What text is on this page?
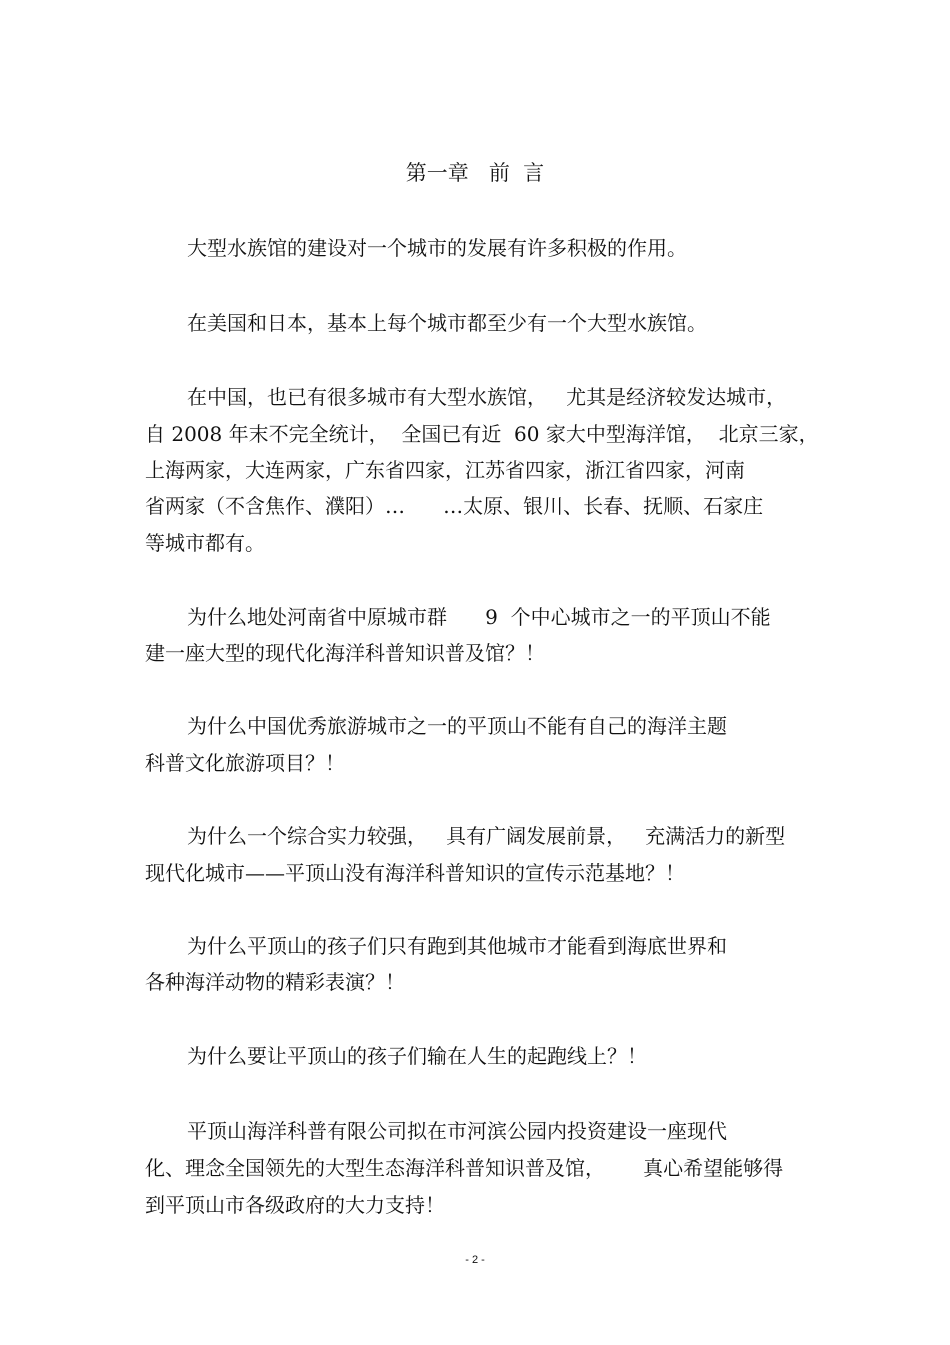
第一章   前  言
大型水族馆的建设对一个城市的发展有许多积极的作用。
在美国和日本，基本上每个城市都至少有一个大型水族馆。
在中国，也已有很多城市有大型水族馆，   尤其是经济较发达城市，
自 2008 年末不完全统计，  全国已有近  60 家大中型海洋馆，  北京三家，
上海两家，大连两家，广东省四家，江苏省四家，浙江省四家，河南
省两家（不含焦作、濮阳）…      …太原、银川、长春、抚顺、石家庄
等城市都有。
为什么地处河南省中原城市群      9  个中心城市之一的平顶山不能
建一座大型的现代化海洋科普知识普及馆？！
为什么中国优秀旅游城市之一的平顶山不能有自己的海洋主题
科普文化旅游项目？！
为什么一个综合实力较强，   具有广阔发展前景，   充满活力的新型
现代化城市——平顶山没有海洋科普知识的宣传示范基地？！
为什么平顶山的孩子们只有跑到其他城市才能看到海底世界和
各种海洋动物的精彩表演？！
为什么要让平顶山的孩子们输在人生的起跑线上？！
平顶山海洋科普有限公司拟在市河滨公园内投资建设一座现代
化、理念全国领先的大型生态海洋科普知识普及馆，      真心希望能够得
到平顶山市各级政府的大力支持！
- 2 -
